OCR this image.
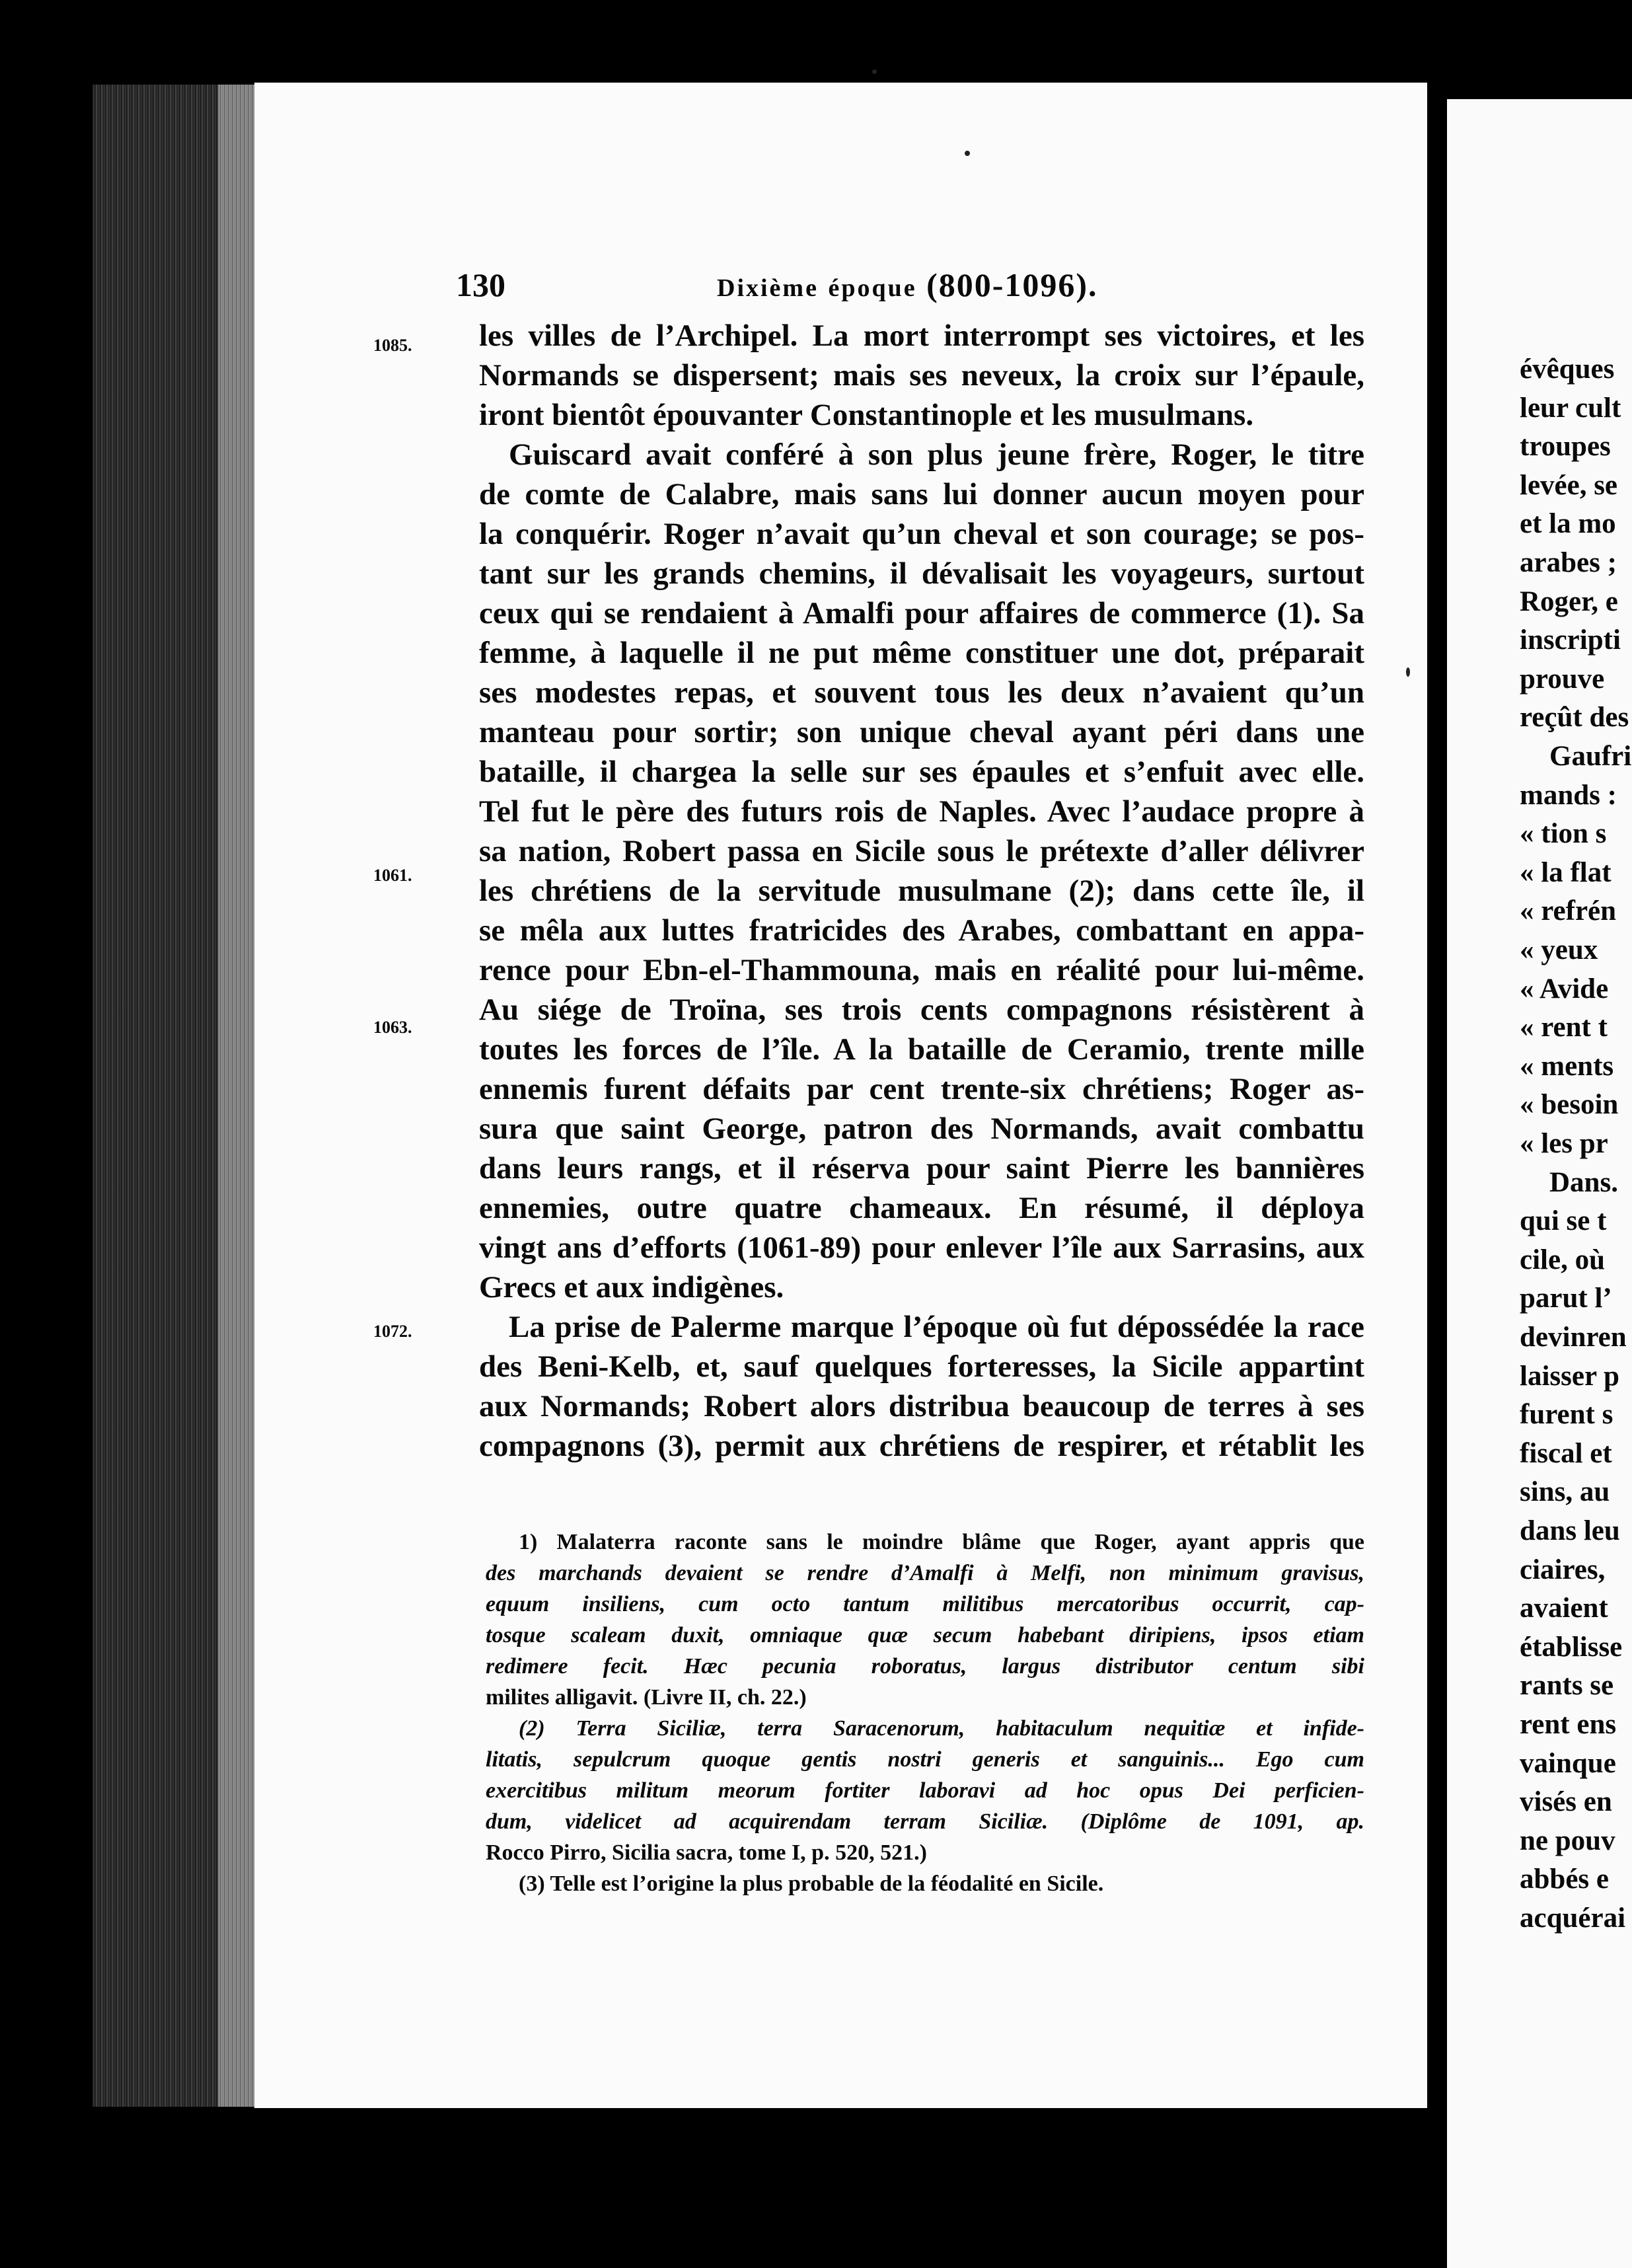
130	Dixième époque (800-1096).
1085.
1061.
1063.
1072.
les villes de l’Archipel. La mort interrompt ses victoires, et les
Normands se dispersent; mais ses neveux, la croix sur l’épaule,
iront bientôt épouvanter Constantinople et les musulmans.
Guiscard avait conféré à son plus jeune frère, Roger, le titre
de comte de Calabre, mais sans lui donner aucun moyen pour
la conquérir. Roger n’avait qu’un cheval et son courage; se pos-
tant sur les grands chemins, il dévalisait les voyageurs, surtout
ceux qui se rendaient à Amalfi pour affaires de commerce (1). Sa
femme, à laquelle il ne put même constituer une dot, préparait
ses modestes repas, et souvent tous les deux n’avaient qu’un
manteau pour sortir; son unique cheval ayant péri dans une
bataille, il chargea la selle sur ses épaules et s’enfuit avec elle.
Tel fut le père des futurs rois de Naples. Avec l’audace propre à
sa nation, Robert passa en Sicile sous le prétexte d’aller délivrer
les chrétiens de la servitude musulmane (2); dans cette île, il
se mêla aux luttes fratricides des Arabes, combattant en appa-
rence pour Ebn-el-Thammouna, mais en réalité pour lui-même.
Au siége de Troïna, ses trois cents compagnons résistèrent à
toutes les forces de l’île. A la bataille de Ceramio, trente mille
ennemis furent défaits par cent trente-six chrétiens; Roger as-
sura que saint George, patron des Normands, avait combattu
dans leurs rangs, et il réserva pour saint Pierre les bannières
ennemies, outre quatre chameaux. En résumé, il déploya
vingt ans d’efforts (1061-89) pour enlever l’île aux Sarrasins, aux
Grecs et aux indigènes.
La prise de Palerme marque l’époque où fut dépossédée la race
des Beni-Kelb, et, sauf quelques forteresses, la Sicile appartint
aux Normands; Robert alors distribua beaucoup de terres à ses
compagnons (3), permit aux chrétiens de respirer, et rétablit les
1) Malaterra raconte sans le moindre blâme que Roger, ayant appris que
des marchands devaient se rendre d’Amalfi à Melfi, non minimum gravisus,
equum insiliens, cum octo tantum militibus mercatoribus occurrit, cap-
tosque scaleam duxit, omniaque quæ secum habebant diripiens, ipsos etiam
redimere fecit. Hæc pecunia roboratus, largus distributor centum sibi
milites alligavit. (Livre II, ch. 22.)
(2) Terra Siciliæ, terra Saracenorum, habitaculum nequitiæ et infide-
litatis, sepulcrum quoque gentis nostri generis et sanguinis... Ego cum
exercitibus militum meorum fortiter laboravi ad hoc opus Dei perficien-
dum, videlicet ad acquirendam terram Siciliæ. (Diplôme de 1091, ap.
Rocco Pirro, Sicilia sacra, tome I, p. 520, 521.)
(3) Telle est l’origine la plus probable de la féodalité en Sicile.
évêques
leur cult
troupes
levée, se
et la mo
arabes ;
Roger, e
inscripti
prouve
reçût des
Gaufri
mands :
« tion s
« la flat
« refrén
« yeux
« Avide
« rent t
« ments
« besoin
« les pr
Dans.
qui se t
cile, où
parut l’
devinren
laisser p
furent s
fiscal et
sins, au
dans leu
ciaires,
avaient
établisse
rants se
rent ens
vainque
visés en
ne pouv
abbés e
acquérai
